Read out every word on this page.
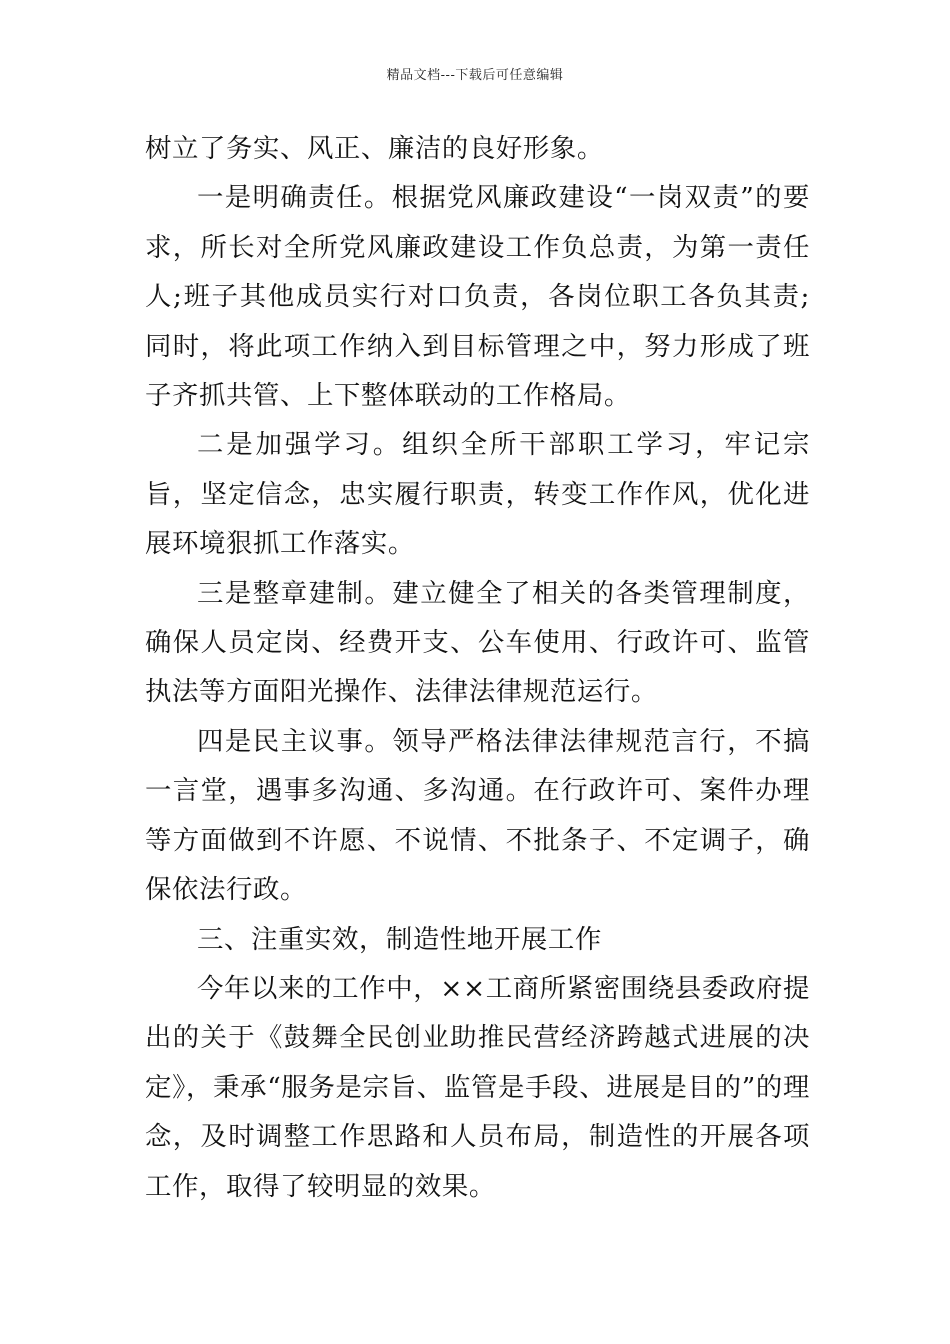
精品文档---下载后可任意编辑

树立了务实、风正、廉洁的良好形象。

一是明确责任。根据党风廉政建设“一岗双责”的要求，所长对全所党风廉政建设工作负总责，为第一责任人;班子其他成员实行对口负责，各岗位职工各负其责;同时，将此项工作纳入到目标管理之中，努力形成了班子齐抓共管、上下整体联动的工作格局。

二是加强学习。组织全所干部职工学习，牢记宗旨，坚定信念，忠实履行职责，转变工作作风，优化进展环境狠抓工作落实。

三是整章建制。建立健全了相关的各类管理制度，确保人员定岗、经费开支、公车使用、行政许可、监管执法等方面阳光操作、法律法律规范运行。

四是民主议事。领导严格法律法律规范言行，不搞一言堂，遇事多沟通、多沟通。在行政许可、案件办理等方面做到不许愿、不说情、不批条子、不定调子，确保依法行政。

三、注重实效，制造性地开展工作

今年以来的工作中，××工商所紧密围绕县委政府提出的关于《鼓舞全民创业助推民营经济跨越式进展的决定》，秉承“服务是宗旨、监管是手段、进展是目的”的理念，及时调整工作思路和人员布局，制造性的开展各项工作，取得了较明显的效果。
